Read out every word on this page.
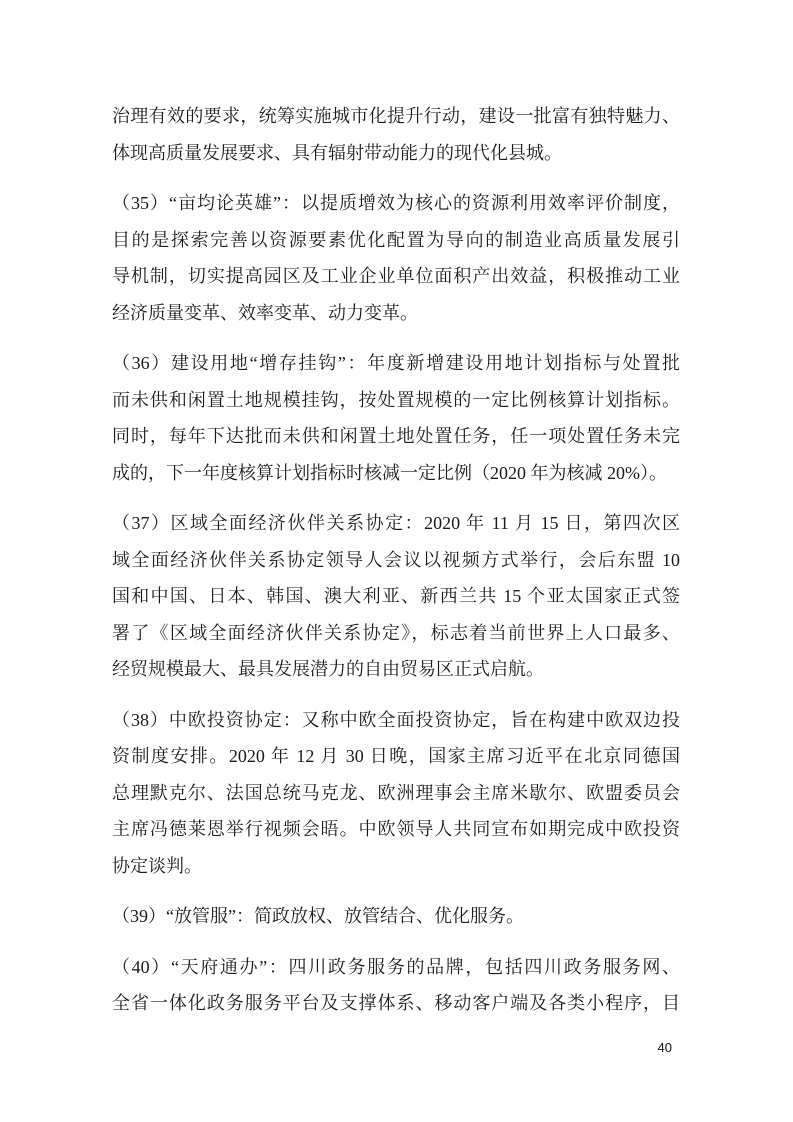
治理有效的要求，统筹实施城市化提升行动，建设一批富有独特魅力、
体现高质量发展要求、具有辐射带动能力的现代化县城。
（35）“亩均论英雄”：以提质增效为核心的资源利用效率评价制度，
目的是探索完善以资源要素优化配置为导向的制造业高质量发展引
导机制，切实提高园区及工业企业单位面积产出效益，积极推动工业
经济质量变革、效率变革、动力变革。
（36）建设用地“增存挂钩”：年度新增建设用地计划指标与处置批
而未供和闲置土地规模挂钩，按处置规模的一定比例核算计划指标。
同时，每年下达批而未供和闲置土地处置任务，任一项处置任务未完
成的，下一年度核算计划指标时核减一定比例（2020 年为核减 20%）。
（37）区域全面经济伙伴关系协定：2020 年 11 月 15 日，第四次区
域全面经济伙伴关系协定领导人会议以视频方式举行，会后东盟 10
国和中国、日本、韩国、澳大利亚、新西兰共 15 个亚太国家正式签
署了《区域全面经济伙伴关系协定》，标志着当前世界上人口最多、
经贸规模最大、最具发展潜力的自由贸易区正式启航。
（38）中欧投资协定：又称中欧全面投资协定，旨在构建中欧双边投
资制度安排。2020 年 12 月 30 日晚，国家主席习近平在北京同德国
总理默克尔、法国总统马克龙、欧洲理事会主席米歇尔、欧盟委员会
主席冯德莱恩举行视频会晤。中欧领导人共同宣布如期完成中欧投资
协定谈判。
（39）“放管服”：简政放权、放管结合、优化服务。
（40）“天府通办”：四川政务服务的品牌，包括四川政务服务网、
全省一体化政务服务平台及支撑体系、移动客户端及各类小程序，目
40
